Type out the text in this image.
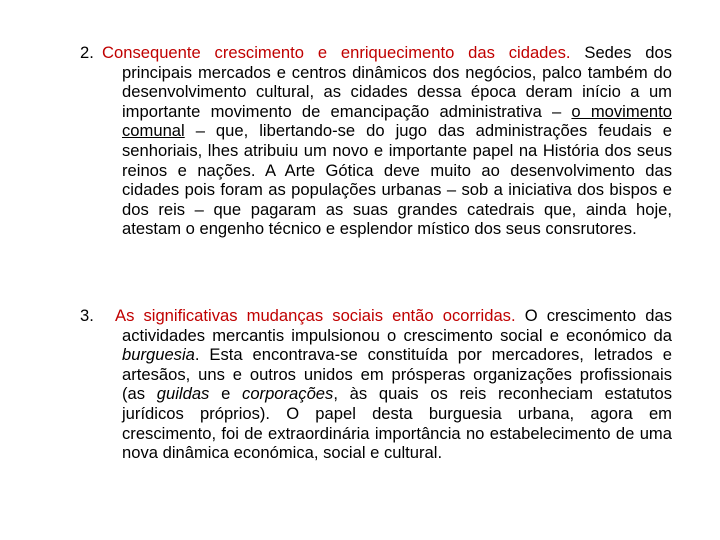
2. Consequente crescimento e enriquecimento das cidades. Sedes dos principais mercados e centros dinâmicos dos negócios, palco também do desenvolvimento cultural, as cidades dessa época deram início a um importante movimento de emancipação administrativa – o movimento comunal – que, libertando-se do jugo das administrações feudais e senhoriais, lhes atribuiu um novo e importante papel na História dos seus reinos e nações. A Arte Gótica deve muito ao desenvolvimento das cidades pois foram as populações urbanas – sob a iniciativa dos bispos e dos reis – que pagaram as suas grandes catedrais que, ainda hoje, atestam o engenho técnico e esplendor místico dos seus consrutores.

3. As significativas mudanças sociais então ocorridas. O crescimento das actividades mercantis impulsionou o crescimento social e económico da burguesia. Esta encontrava-se constituída por mercadores, letrados e artesãos, uns e outros unidos em prósperas organizações profissionais (as guildas e corporações, às quais os reis reconheciam estatutos jurídicos próprios). O papel desta burguesia urbana, agora em crescimento, foi de extraordinária importância no estabelecimento de uma nova dinâmica económica, social e cultural.
